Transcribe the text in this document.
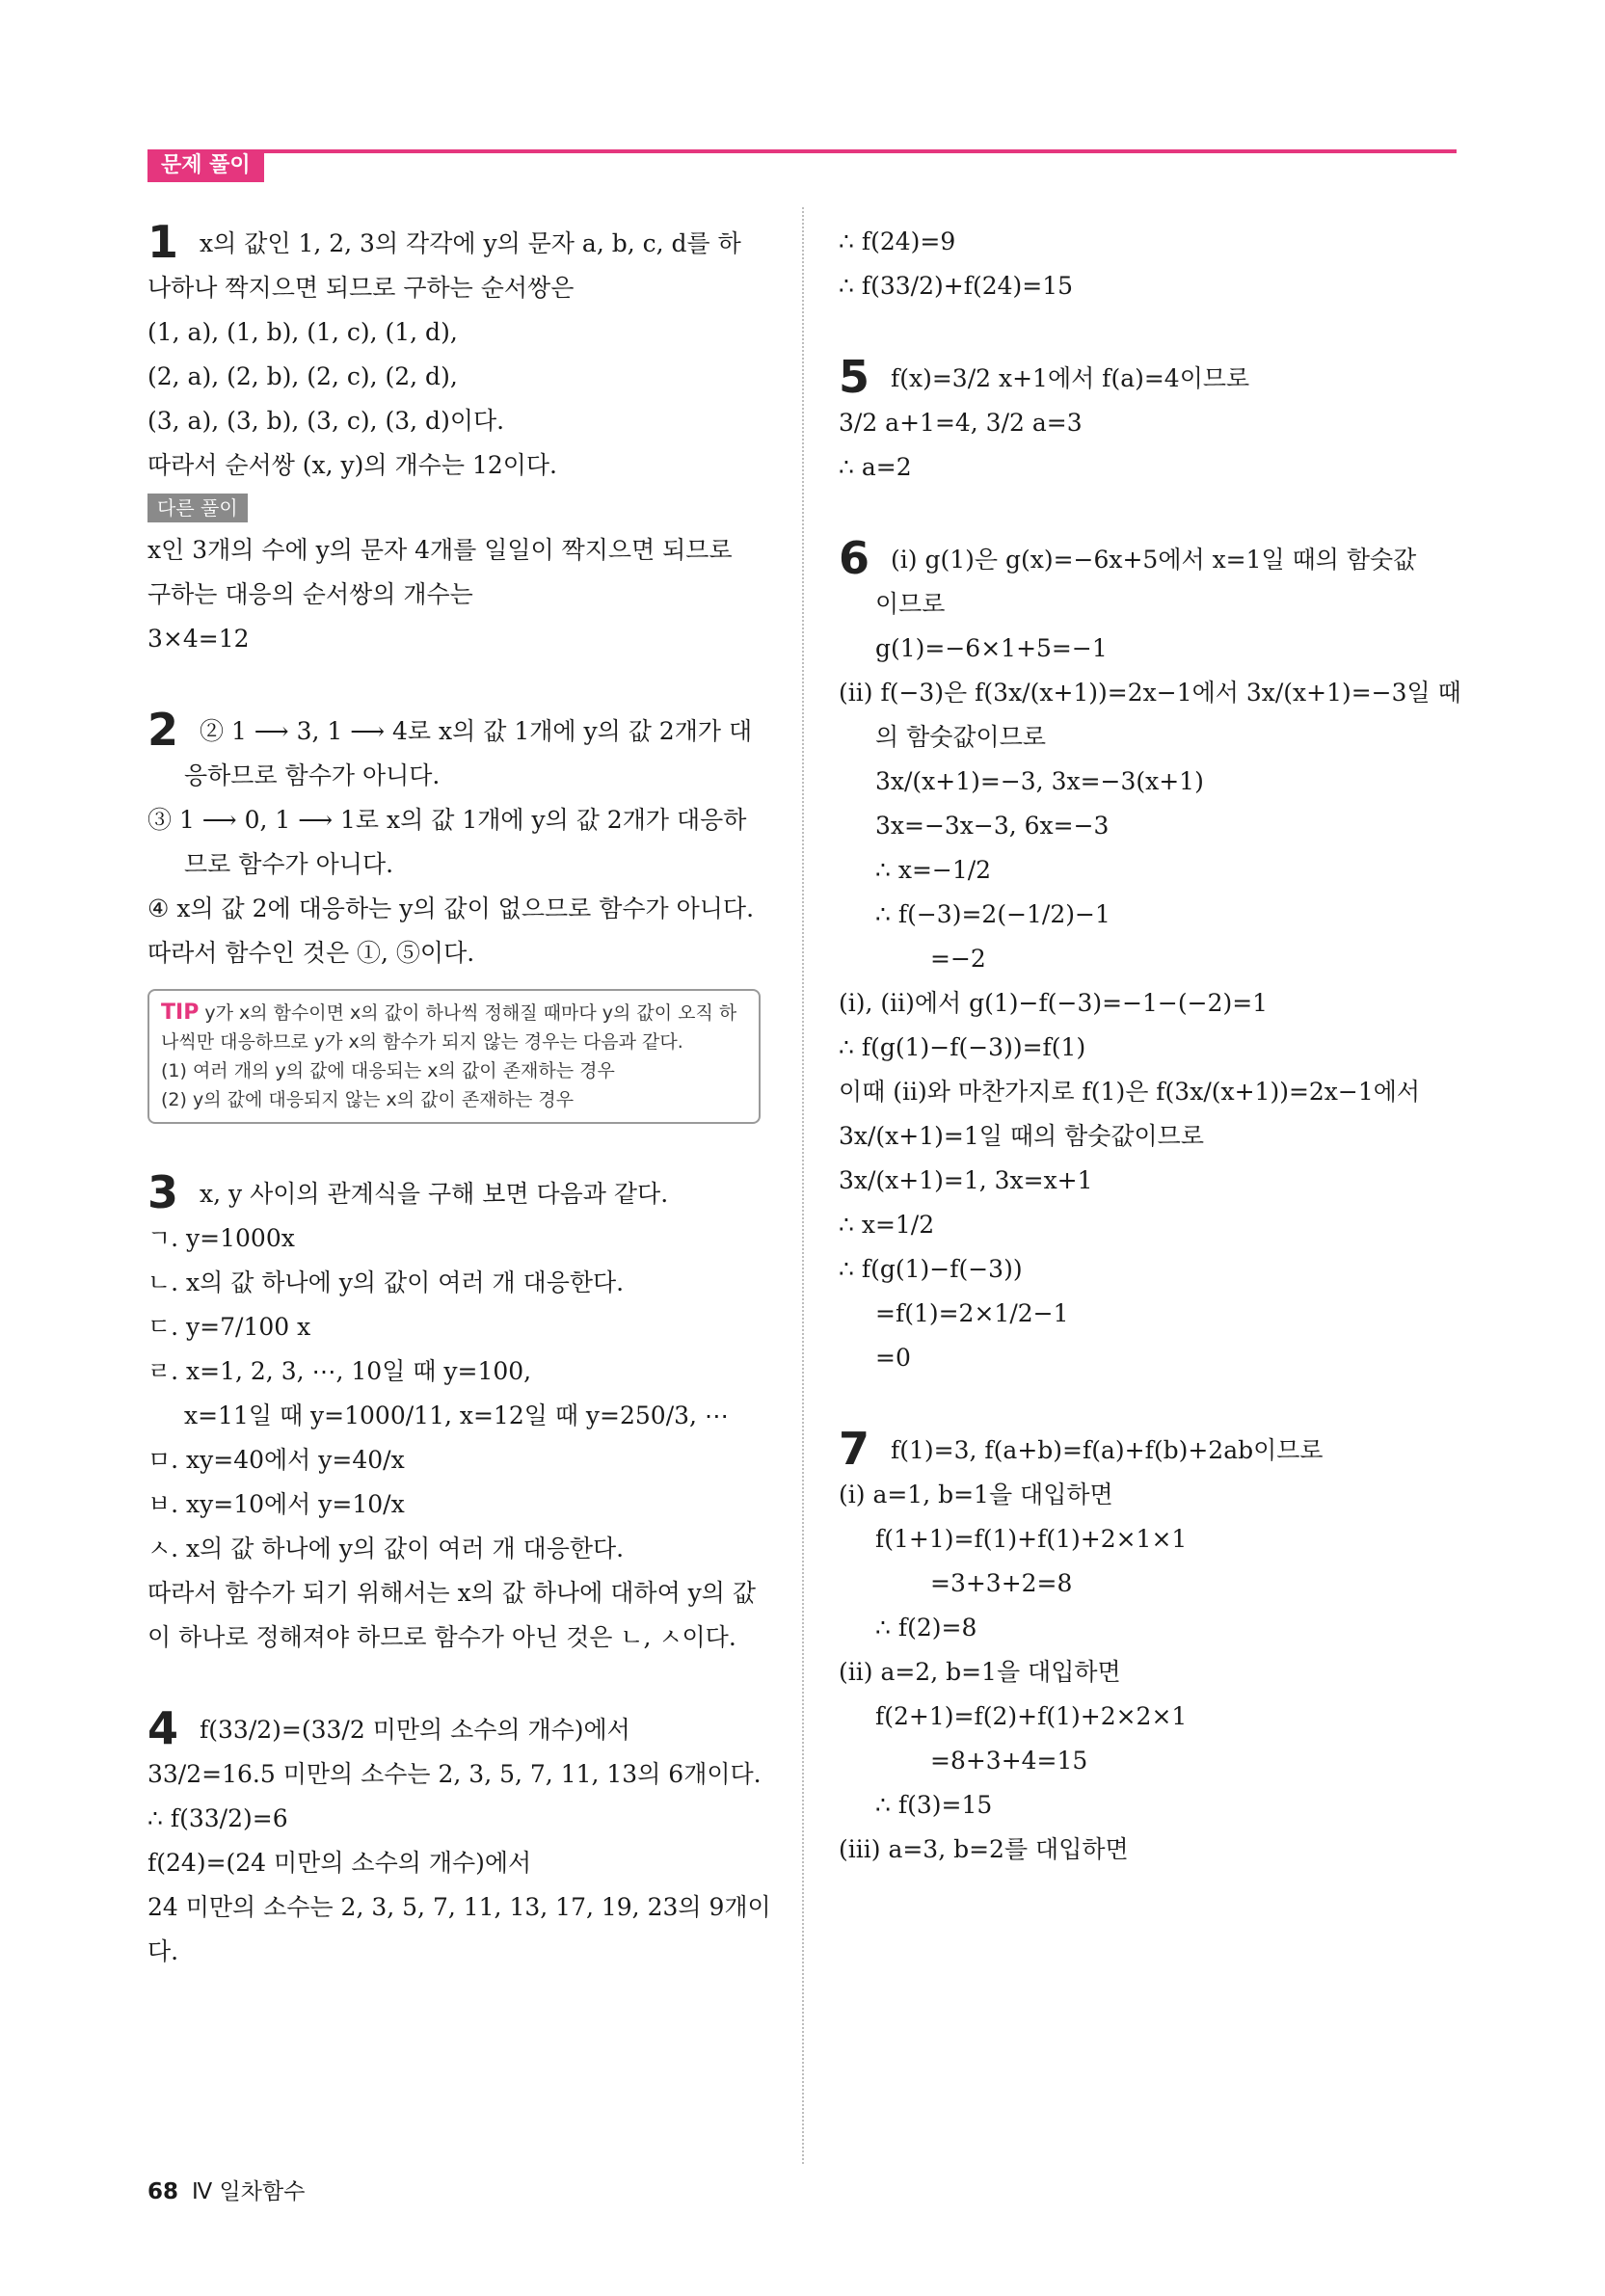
문제 풀이
1 x의 값인 1, 2, 3의 각각에 y의 문자 a, b, c, d를 하
나하나 짝지으면 되므로 구하는 순서쌍은
(1, a), (1, b), (1, c), (1, d),
(2, a), (2, b), (2, c), (2, d),
(3, a), (3, b), (3, c), (3, d)이다.
따라서 순서쌍 (x, y)의 개수는 12이다.
다른 풀이
x인 3개의 수에 y의 문자 4개를 일일이 짝지으면 되므로
구하는 대응의 순서쌍의 개수는
3×4=12
2 ② 1 ⟶ 3, 1 ⟶ 4로 x의 값 1개에 y의 값 2개가 대
응하므로 함수가 아니다.
③ 1 ⟶ 0, 1 ⟶ 1로 x의 값 1개에 y의 값 2개가 대응하
므로 함수가 아니다.
④ x의 값 2에 대응하는 y의 값이 없으므로 함수가 아니다.
따라서 함수인 것은 ①, ⑤이다.
TIP y가 x의 함수이면 x의 값이 하나씩 정해질 때마다 y의 값이 오직 하
나씩만 대응하므로 y가 x의 함수가 되지 않는 경우는 다음과 같다.
(1) 여러 개의 y의 값에 대응되는 x의 값이 존재하는 경우
(2) y의 값에 대응되지 않는 x의 값이 존재하는 경우
3 x, y 사이의 관계식을 구해 보면 다음과 같다.
ㄱ. y=1000x
ㄴ. x의 값 하나에 y의 값이 여러 개 대응한다.
ㄷ. y=7/100 x
ㄹ. x=1, 2, 3, ⋯, 10일 때 y=100,
x=11일 때 y=1000/11, x=12일 때 y=250/3, ⋯
ㅁ. xy=40에서 y=40/x
ㅂ. xy=10에서 y=10/x
ㅅ. x의 값 하나에 y의 값이 여러 개 대응한다.
따라서 함수가 되기 위해서는 x의 값 하나에 대하여 y의 값
이 하나로 정해져야 하므로 함수가 아닌 것은 ㄴ, ㅅ이다.
4 f(33/2)=(33/2 미만의 소수의 개수)에서
33/2=16.5 미만의 소수는 2, 3, 5, 7, 11, 13의 6개이다.
∴ f(33/2)=6
f(24)=(24 미만의 소수의 개수)에서
24 미만의 소수는 2, 3, 5, 7, 11, 13, 17, 19, 23의 9개이
다.
∴ f(24)=9
∴ f(33/2)+f(24)=15
5 f(x)=3/2 x+1에서 f(a)=4이므로
3/2 a+1=4, 3/2 a=3
∴ a=2
6 (i) g(1)은 g(x)=−6x+5에서 x=1일 때의 함숫값
이므로
g(1)=−6×1+5=−1
(ii) f(−3)은 f(3x/(x+1))=2x−1에서 3x/(x+1)=−3일 때
의 함숫값이므로
3x/(x+1)=−3, 3x=−3(x+1)
3x=−3x−3, 6x=−3
∴ x=−1/2
∴ f(−3)=2(−1/2)−1
=−2
(i), (ii)에서 g(1)−f(−3)=−1−(−2)=1
∴ f(g(1)−f(−3))=f(1)
이때 (ii)와 마찬가지로 f(1)은 f(3x/(x+1))=2x−1에서
3x/(x+1)=1일 때의 함숫값이므로
3x/(x+1)=1, 3x=x+1
∴ x=1/2
∴ f(g(1)−f(−3))
=f(1)=2×1/2−1
=0
7 f(1)=3, f(a+b)=f(a)+f(b)+2ab이므로
(i) a=1, b=1을 대입하면
f(1+1)=f(1)+f(1)+2×1×1
=3+3+2=8
∴ f(2)=8
(ii) a=2, b=1을 대입하면
f(2+1)=f(2)+f(1)+2×2×1
=8+3+4=15
∴ f(3)=15
(iii) a=3, b=2를 대입하면
68 Ⅳ 일차함수
